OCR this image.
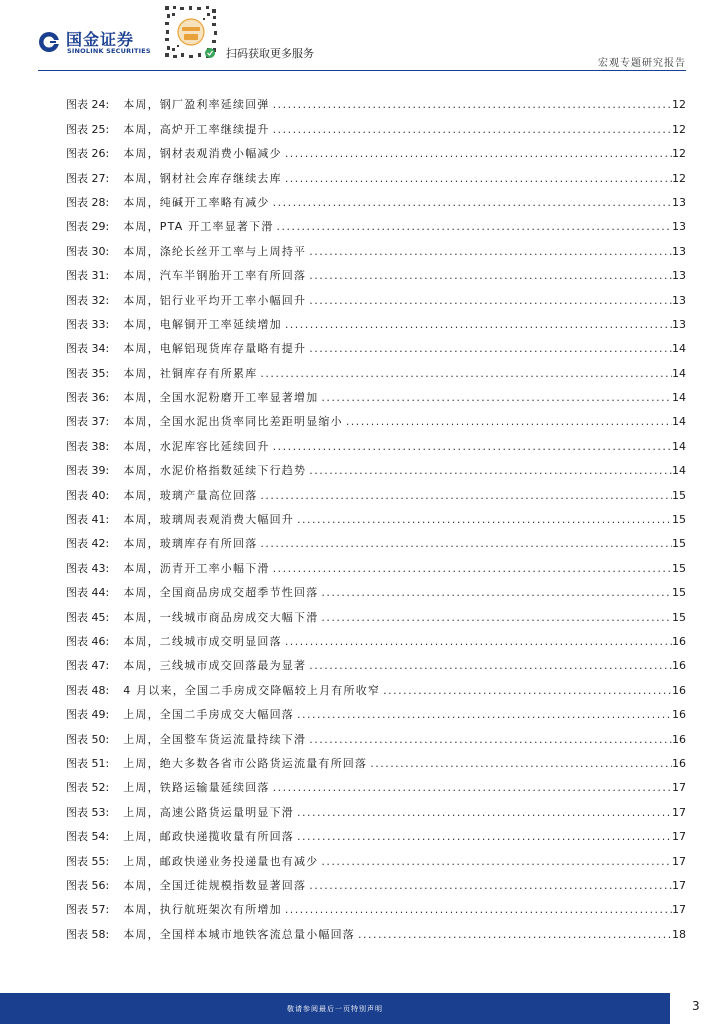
国金证券
SINOLINK SECURITIES	扫码获取更多服务
宏观专题研究报告
图表 24: 本周，钢厂盈利率延续回弹 .....	12
图表 25: 本周，高炉开工率继续提升 .....	12
图表 26: 本周，钢材表观消费小幅减少 .....	12
图表 27: 本周，钢材社会库存继续去库 .....	12
图表 28: 本周，纯碱开工率略有减少 .....	13
图表 29: 本周，PTA 开工率显著下滑 .....	13
图表 30: 本周，涤纶长丝开工率与上周持平 .....	13
图表 31: 本周，汽车半钢胎开工率有所回落 .....	13
图表 32: 本周，铝行业平均开工率小幅回升 .....	13
图表 33: 本周，电解铜开工率延续增加 .....	13
图表 34: 本周，电解铝现货库存量略有提升 .....	14
图表 35: 本周，社铜库存有所累库 .....	14
图表 36: 本周，全国水泥粉磨开工率显著增加 .....	14
图表 37: 本周，全国水泥出货率同比差距明显缩小 .....	14
图表 38: 本周，水泥库容比延续回升 .....	14
图表 39: 本周，水泥价格指数延续下行趋势 .....	14
图表 40: 本周，玻璃产量高位回落 .....	15
图表 41: 本周，玻璃周表观消费大幅回升 .....	15
图表 42: 本周，玻璃库存有所回落 .....	15
图表 43: 本周，沥青开工率小幅下滑 .....	15
图表 44: 本周，全国商品房成交超季节性回落 .....	15
图表 45: 本周，一线城市商品房成交大幅下滑 .....	15
图表 46: 本周，二线城市成交明显回落 .....	16
图表 47: 本周，三线城市成交回落最为显著 .....	16
图表 48: 4 月以来，全国二手房成交降幅较上月有所收窄 .....	16
图表 49: 上周，全国二手房成交大幅回落 .....	16
图表 50: 上周，全国整车货运流量持续下滑 .....	16
图表 51: 上周，绝大多数各省市公路货运流量有所回落 .....	16
图表 52: 上周，铁路运输量延续回落 .....	17
图表 53: 上周，高速公路货运量明显下滑 .....	17
图表 54: 上周，邮政快递揽收量有所回落 .....	17
图表 55: 上周，邮政快递业务投递量也有减少 .....	17
图表 56: 本周，全国迁徙规模指数显著回落 .....	17
图表 57: 本周，执行航班架次有所增加 .....	17
图表 58: 本周，全国样本城市地铁客流总量小幅回落 .....	18
敬请参阅最后一页特别声明	3
